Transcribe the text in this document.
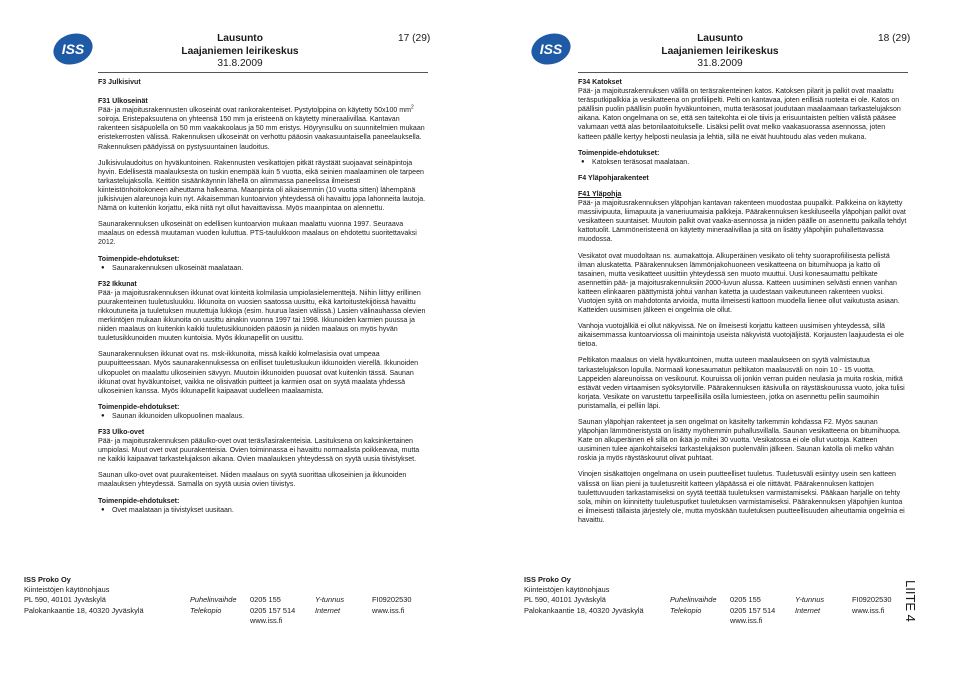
ISS
Lausunto
Laajaniemen leirikeskus
31.8.2009
17 (29)

F3 Julkisivut

F31 Ulkoseinät

Pää- ja majoitusrakennusten ulkoseinät ovat rankorakenteiset. Pystytolppina on käytetty 50x100 $mm^2$ soiroja. Eristepaksuutena on yhteensä 150 mm ja eristeenä on käytetty mineraalivillaa. Kantavan rakenteen sisäpuolella on 50 mm vaakakoolaus ja 50 mm eristys. Höyrynsulku on suunnitelmien mukaan eristekerrosten välissä. Rakennuksen ulkoseinät on verhottu pääosin vaakasuuntaisella paneelauksella. Rakennuksen päädyissä on pystysuuntainen laudoitus.

Julkisivulaudoitus on hyväkuntoinen. Rakennusten vesikattojen pitkät räystäät suojaavat seinäpintoja hyvin. Edellisestä maalauksesta on tuskin enempää kuin 5 vuotta, eikä seinien maalaaminen ole tarpeen tarkastelujaksolla. Keittiön sisäänkäynnin lähellä on alimmassa paneelissa ilmeisesti kiinteistönhoitokoneen aiheuttama halkeama. Maanpinta oli aikaisemmin (10 vuotta sitten) lähempänä julkisivujen alareunoja kuin nyt. Aikaisemman kuntoarvion yhteydessä oli havaittu jopa lahonneita lautoja. Nämä on kuitenkin korjattu, eikä niitä nyt ollut havaittavissa. Myös maanpintaa on alennettu.

Saunarakennuksen ulkoseinät on edellisen kuntoarvion mukaan maalattu vuonna 1997. Seuraava maalaus on edessä muutaman vuoden kuluttua. PTS-taulukkoon maalaus on ehdotettu suoritettavaksi 2012.

Toimenpide-ehdotukset:

● Saunarakennuksen ulkoseinät maalataan.

F32 Ikkunat

Pää- ja majoitusrakennuksen ikkunat ovat kiinteitä kolmilasia umpiolasielementtejä. Niihin liittyy erillinen puurakenteinen tuuletusluukku. Ikkunoita on vuosien saatossa uusittu, eikä kartoitustekijöissä havaittu rikkoutuneita ja tuuletuksen muutettuja lukkoja (esim. huurua lasien välissä.) Lasien välinauhassa olevien merkintöjen mukaan ikkunoita on uusittu ainakin vuonna 1997 tai 1998. Ikkunoiden karmien puussa ja niiden maalaus on kuitenkin kaikki tuuletusikkunoiden pääosin ja niiden maalaus on myös hyvän tuuletusikkunoiden muuten kuntoisia. Myös ikkunapellit on uusittu.

Saunarakennuksen ikkunat ovat ns. msk-ikkunoita, missä kaikki kolmelasisia ovat umpeaa puupuitteessaan. Myös saunarakennuksessa on erilliset tuuletusluukun ikkunoiden vierellä. Ikkunoiden ulkopuolet on maalattu ulkoseinien sävyyn. Muutoin ikkunoiden puuosat ovat kuitenkin tässä. Saunan ikkunat ovat hyväkuntoiset, vaikka ne olisivatkin puitteet ja karmien osat on syytä maalata yhdessä ulkoseinien kanssa. Myös ikkunapellit kaipaavat uudelleen maalaamista.

Toimenpide-ehdotukset:

● Saunan ikkunoiden ulkopuolinen maalaus.

F33 Ulko-ovet

Pää- ja majoitusrakennuksen pääulko-ovet ovat teräs/lasirakenteisia. Lasituksena on kaksinkertainen umpiolasi. Muut ovet ovat puurakenteisia. Ovien toiminnassa ei havaittu normaalista poikkeavaa, mutta ne kaikki kaipaavat tarkastelujakson aikana. Ovien maalauksen yhteydessä on syytä uusia tiivistykset.

Saunan ulko-ovet ovat puurakenteiset. Niiden maalaus on syytä suorittaa ulkoseinien ja ikkunoiden maalauksen yhteydessä. Samalla on syytä uusia ovien tiivistys.

Toimenpide-ehdotukset:

● Ovet maalataan ja tiivistykset uusitaan.
ISS Proko Oy
Kiinteistöjen käytönohjaus
PL 590, 40101 Jyväskylä	Puhelinvaihde 0205 155	Y-tunnus	FI09202530
Palokankaantie 18, 40320 Jyväskylä	Telekopio	0205 157 514	Internet	www.iss.fi
www.iss.fi
ISS
Lausunto
Laajaniemen leirikeskus
31.8.2009
18 (29)

F34 Katokset

Pää- ja majoitusrakennuksen välillä on teräsrakenteinen katos. Katoksen pilarit ja palkit ovat maalattu teräsputkipalkkia ja vesikatteena on profiilipelti. Pelti on kantavaa, joten erillisiä ruoteita ei ole. Katos on päällisin puolin päällisin puolin hyväkuntoinen, mutta teräsosat joudutaan maalaamaan tarkastelujakson aikana. Katon ongelmana on se, että sen taitekohta ei ole tiivis ja erisuuntaisten peltien välistä pääsee valumaan vettä alas betonilaatoitukselle. Lisäksi pellit ovat melko vaakasuorassa asennossa, joten katteen päälle kertyy helposti neulasia ja lehtiä, sillä ne eivät huuhtoudu alas veden mukana.

Toimenpide-ehdotukset:

● Katoksen teräsosat maalataan.

F4 Yläpohjarakenteet

F41 Yläpohja

Pää- ja majoitusrakennuksen yläpohjan kantavan rakenteen muodostaa puupalkit. Palkkeina on käytetty massiivipuuta, liimapuuta ja vaneriuumaisia palkkeja. Päärakennuksen keskiluseella yläpohjan palkit ovat vesikatteen suuntaiset. Muutoin palkit ovat vaaka-asennossa ja niiden päälle on asennettu paikalla tehdyt kattotuolit. Lämmöneristeenä on käytetty mineraalivillaa ja sitä on lisätty yläpohjiin puhallettavassa muodossa.

Vesikatot ovat muodoltaan ns. aumakattoja. Alkuperäinen vesikato oli tehty suoraprofiilisesta pellistä ilman aluskatetta. Päärakennuksen lämmönjakohuoneen vesikatteena on bitumihuopa ja katto oli tasainen, mutta vesikatteet uusittiin yhteydessä sen muoto muuttui. Uusi konesaumattu peltikate asennettiin pää- ja majoitusrakennuksiin 2000-luvun alussa. Katteen uusiminen selvästi ennen vanhan katteen elinkaaren päättymistä johtui vanhan katetta ja uudestaan vaikeutuneen rakenteen vuoksi. Vuotojen syitä on mahdotonta arvioida, mutta ilmeisesti kattoon muodella lienee ollut vaikutusta asiaan. Katteiden uusimisen jälkeen ei ongelmia ole ollut.

Vanhoja vuotojälkiä ei ollut näkyvissä. Ne on ilmeisesti korjattu katteen uusimisen yhteydessä, sillä aikaisemmassa kuntoarviossa oli mainintoja useista näkyvistä vuotojäljistä. Korjausten laajuudesta ei ole tietoa.

Peltikaton maalaus on vielä hyväkuntoinen, mutta uuteen maalaukseen on syytä valmistautua tarkastelujakson lopulla. Normaali konesaumatun peltikaton maalausväli on noin 10 - 15 vuotta. Lappeiden alareunoissa on vesikourut. Kouruissa oli jonkin verran puiden neulasia ja muita roskia, mitkä estävät veden virtaamisen syöksytorville. Päärakennuksen itäsivulla on räystäskourussa vuoto, joka tulisi korjata. Vesikate on varustettu tarpeellisilla osilla lumiesteen, jotka on asennettu pellin saumoihin puristamalla, ei pelliin läpi.

Saunan yläpohjan rakenteet ja sen ongelmat on käsitelty tarkemmin kohdassa F2. Myös saunan yläpohjan lämmöneristystä on lisätty myöhemmin puhallusvillalla. Saunan vesikatteena on bitumihuopa. Kate on alkuperäinen eli sillä on ikää jo miltei 30 vuotta. Vesikatossa ei ole ollut vuotoja. Katteen uusiminen tulee ajankohtaiseksi tarkastelujakson puolenvälin jälkeen. Saunan katolla oli melko vähän roskia ja myös räystäskourut olivat puhtaat.

Vinojen sisäkattojen ongelmana on usein puutteelliset tuuletus. Tuuletusväli esiintyy usein sen katteen välissä on liian pieni ja tuuletusreitit katteen yläpäässä ei ole riittävät. Päärakennuksen kattojen tuulettuvuuden tarkastamiseksi on syytä teettää tuuletuksen varmistamiseksi. Pääkaan harjalle on tehty sola, mihin on kiinnitetty tuuletusputket tuuletuksen varmistamiseksi. Päärakennuksen yläpohjien kuntoa ei ilmeisesti tällaista järjestely ole, mutta myöskään tuuletuksen puutteellisuuden aiheuttamia ongelmia ei havaittu.

ISS Proko Oy
Kiinteistöjen käytönohjaus
PL 590, 40101 Jyväskylä	Puhelinvaihde 0205 155	Y-tunnus	FI09202530
Palokankaantie 18, 40320 Jyväskylä	Telekopio	0205 157 514	Internet	www.iss.fi
www.iss.fi	LIITE 4
